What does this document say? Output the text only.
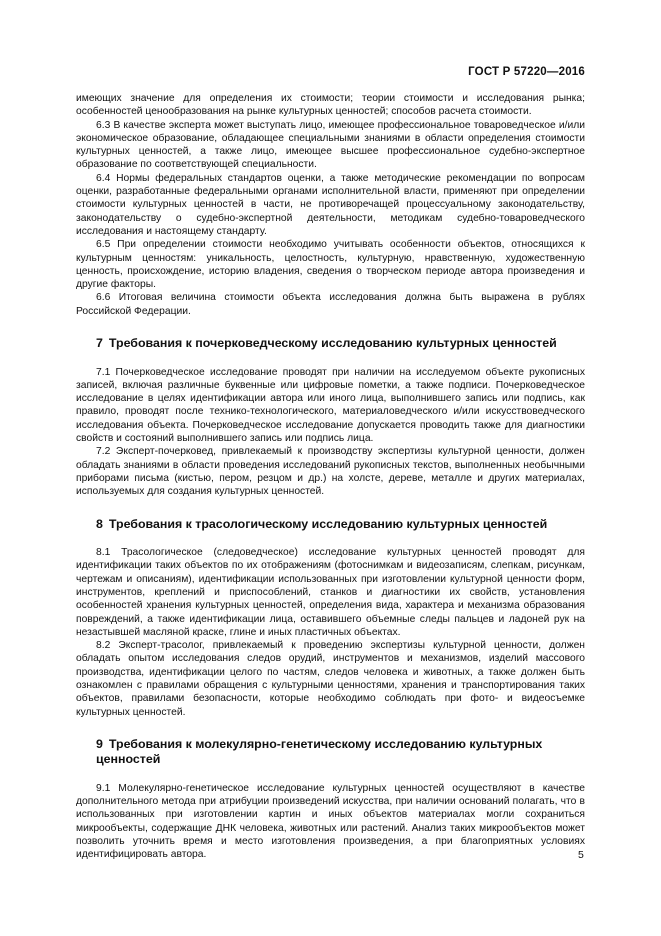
ГОСТ Р 57220—2016

имеющих значение для определения их стоимости; теории стоимости и исследования рынка; особенностей ценообразования на рынке культурных ценностей; способов расчета стоимости.

6.3 В качестве эксперта может выступать лицо, имеющее профессиональное товароведческое и/или экономическое образование, обладающее специальными знаниями в области определения стоимости культурных ценностей, а также лицо, имеющее высшее профессиональное судебно-экспертное образование по соответствующей специальности.

6.4 Нормы федеральных стандартов оценки, а также методические рекомендации по вопросам оценки, разработанные федеральными органами исполнительной власти, применяют при определении стоимости культурных ценностей в части, не противоречащей процессуальному законодательству, законодательству о судебно-экспертной деятельности, методикам судебно-товароведческого исследования и настоящему стандарту.

6.5 При определении стоимости необходимо учитывать особенности объектов, относящихся к культурным ценностям: уникальность, целостность, культурную, нравственную, художественную ценность, происхождение, историю владения, сведения о творческом периоде автора произведения и другие факторы.

6.6 Итоговая величина стоимости объекта исследования должна быть выражена в рублях Российской Федерации.

7 Требования к почерковедческому исследованию культурных ценностей

7.1 Почерковедческое исследование проводят при наличии на исследуемом объекте рукописных записей, включая различные буквенные или цифровые пометки, а также подписи. Почерковедческое исследование в целях идентификации автора или иного лица, выполнившего запись или подпись, как правило, проводят после технико-технологического, материаловедческого и/или искусствоведческого исследования объекта. Почерковедческое исследование допускается проводить также для диагностики свойств и состояний выполнившего запись или подпись лица.

7.2 Эксперт-почерковед, привлекаемый к производству экспертизы культурной ценности, должен обладать знаниями в области проведения исследований рукописных текстов, выполненных необычными приборами письма (кистью, пером, резцом и др.) на холсте, дереве, металле и других материалах, используемых для создания культурных ценностей.

8 Требования к трасологическому исследованию культурных ценностей

8.1 Трасологическое (следоведческое) исследование культурных ценностей проводят для идентификации таких объектов по их отображениям (фотоснимкам и видеозаписям, слепкам, рисункам, чертежам и описаниям), идентификации использованных при изготовлении культурной ценности форм, инструментов, креплений и приспособлений, станков и диагностики их свойств, установления особенностей хранения культурных ценностей, определения вида, характера и механизма образования повреждений, а также идентификации лица, оставившего объемные следы пальцев и ладоней рук на незастывшей масляной краске, глине и иных пластичных объектах.

8.2 Эксперт-трасолог, привлекаемый к проведению экспертизы культурной ценности, должен обладать опытом исследования следов орудий, инструментов и механизмов, изделий массового производства, идентификации целого по частям, следов человека и животных, а также должен быть ознакомлен с правилами обращения с культурными ценностями, хранения и транспортирования таких объектов, правилами безопасности, которые необходимо соблюдать при фото- и видеосъемке культурных ценностей.

9 Требования к молекулярно-генетическому исследованию культурных ценностей

9.1 Молекулярно-генетическое исследование культурных ценностей осуществляют в качестве дополнительного метода при атрибуции произведений искусства, при наличии оснований полагать, что в использованных при изготовлении картин и иных объектов материалах могли сохраниться микрообъекты, содержащие ДНК человека, животных или растений. Анализ таких микрообъектов может позволить уточнить время и место изготовления произведения, а при благоприятных условиях идентифицировать автора.	5
